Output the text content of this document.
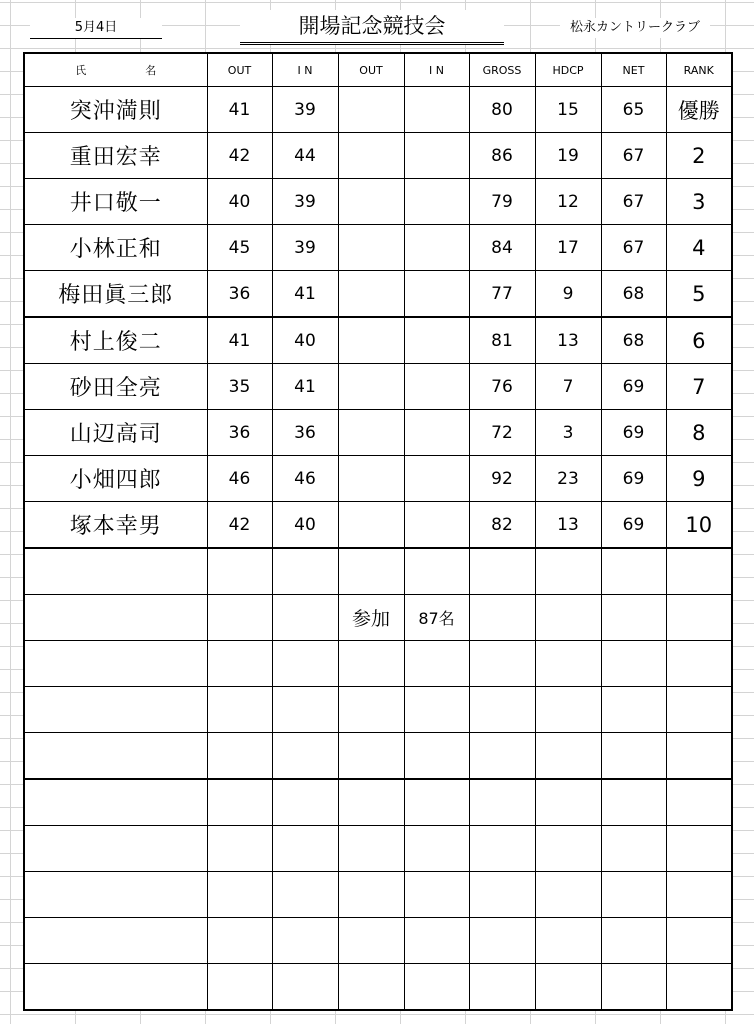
5月4日	開場記念競技会	松永カントリークラブ
氏　名	OUT	I N	OUT	I N	GROSS	HDCP	NET	RANK
突沖満則	41	39			80	15	65	優勝
重田宏幸	42	44			86	19	67	2
井口敬一	40	39			79	12	67	3
小林正和	45	39			84	17	67	4
梅田眞三郎	36	41			77	9	68	5
村上俊二	41	40			81	13	68	6
砂田全亮	35	41			76	7	69	7
山辺高司	36	36			72	3	69	8
小畑四郎	46	46			92	23	69	9
塚本幸男	42	40			82	13	69	10

			参加	87名				
